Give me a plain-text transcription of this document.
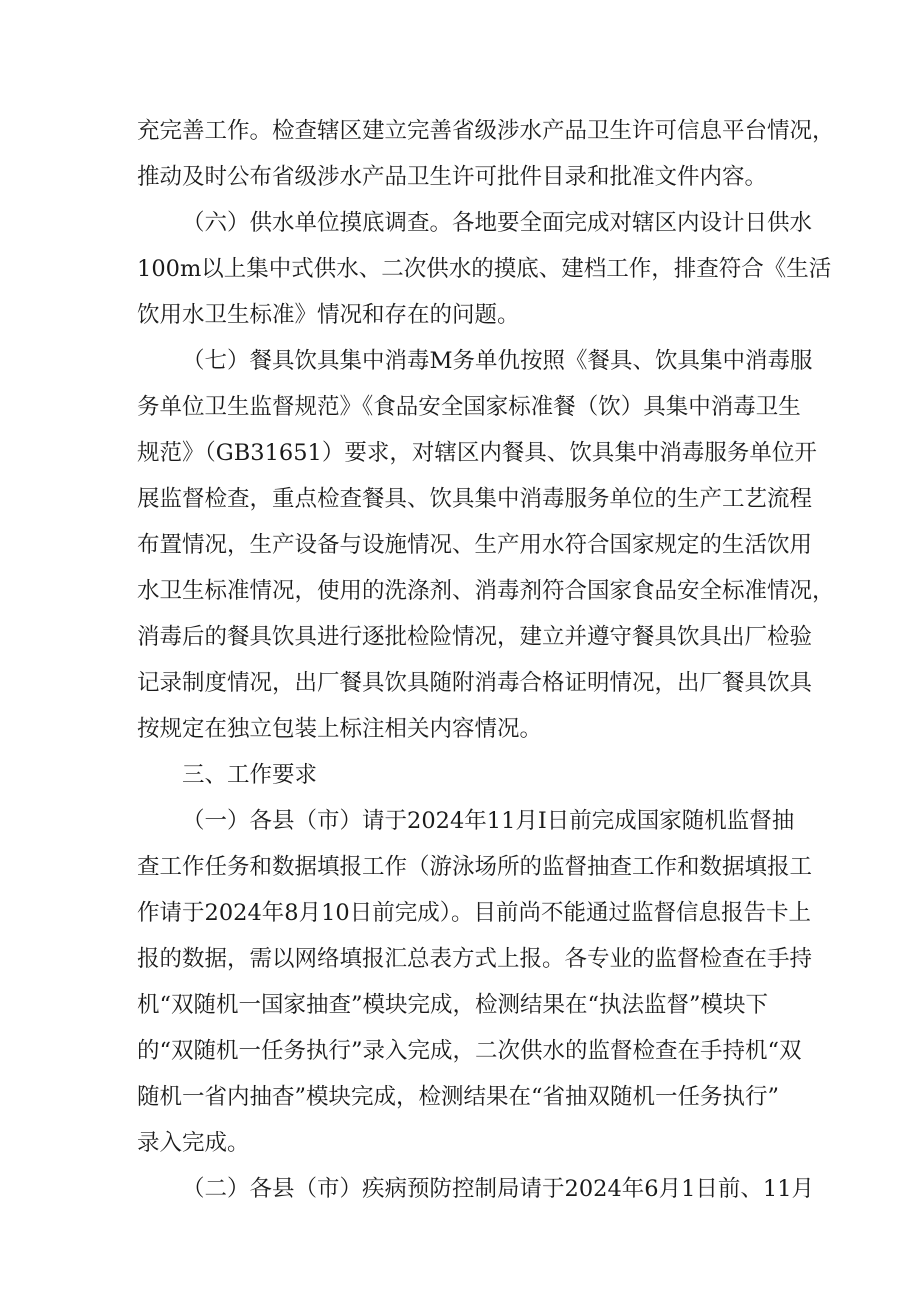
充完善工作。检查辖区建立完善省级涉水产品卫生许可信息平台情况，
推动及时公布省级涉水产品卫生许可批件目录和批准文件内容。
（六）供水单位摸底调查。各地要全面完成对辖区内设计日供水
100m以上集中式供水、二次供水的摸底、建档工作，排查符合《生活
饮用水卫生标准》情况和存在的问题。
（七）餐具饮具集中消毒M务单仇按照《餐具、饮具集中消毒服
务单位卫生监督规范》《食品安全国家标准餐（饮）具集中消毒卫生
规范》（GB31651）要求，对辖区内餐具、饮具集中消毒服务单位开
展监督检查，重点检查餐具、饮具集中消毒服务单位的生产工艺流程
布置情况，生产设备与设施情况、生产用水符合国家规定的生活饮用
水卫生标准情况，使用的洗涤剂、消毒剂符合国家食品安全标准情况，
消毒后的餐具饮具进行逐批检险情况，建立并遵守餐具饮具出厂检验
记录制度情况，出厂餐具饮具随附消毒合格证明情况，出厂餐具饮具
按规定在独立包装上标注相关内容情况。
三、工作要求
（一）各县（市）请于2024年11月I日前完成国家随机监督抽
查工作任务和数据填报工作（游泳场所的监督抽查工作和数据填报工
作请于2024年8月10日前完成）。目前尚不能通过监督信息报告卡上
报的数据，需以网络填报汇总表方式上报。各专业的监督检查在手持
机“双随机一国家抽查”模块完成，检测结果在“执法监督”模块下
的“双随机一任务执行”录入完成，二次供水的监督检查在手持机“双
随机一省内抽杳”模块完成，检测结果在“省抽双随机一任务执行”
录入完成。
（二）各县（市）疾病预防控制局请于2024年6月1日前、11月
